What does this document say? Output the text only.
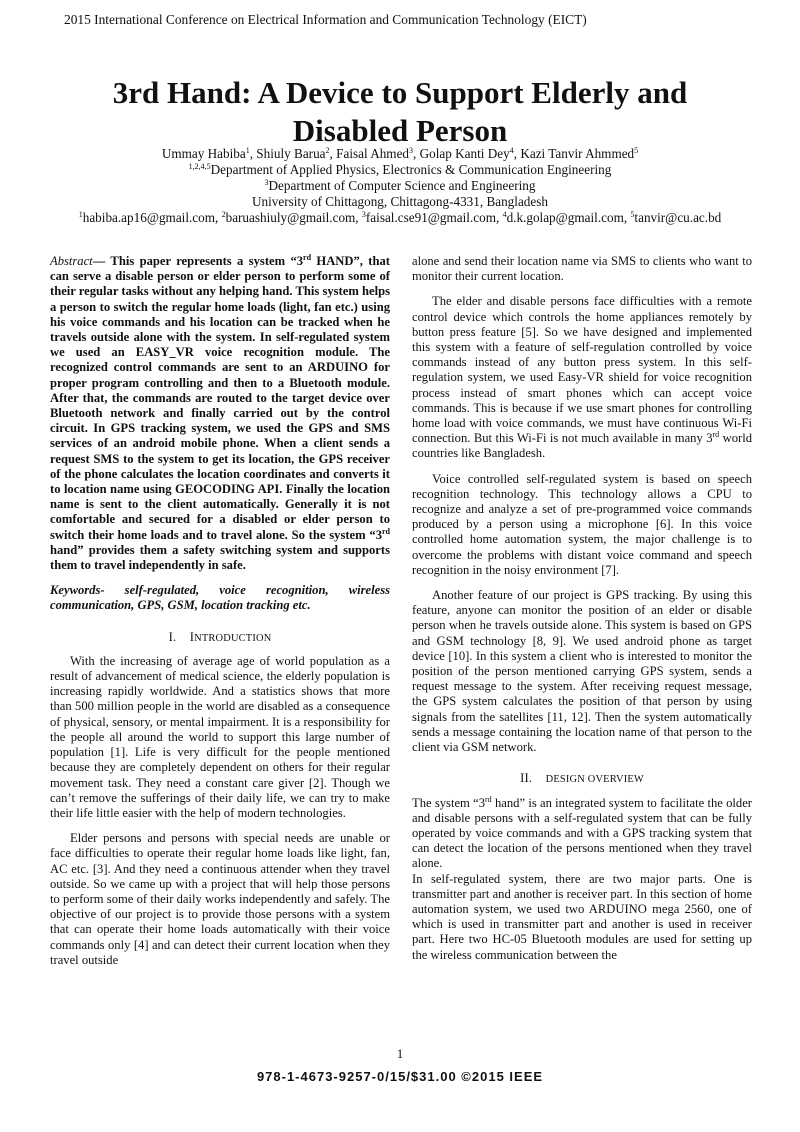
2015 International Conference on Electrical Information and Communication Technology (EICT)
3rd Hand: A Device to Support Elderly and
Disabled Person
Ummay Habiba$^1$, Shiuly Barua$^2$, Faisal Ahmed$^3$, Golap Kanti Dey$^4$, Kazi Tanvir Ahmmed$^5$
$^{1,2,4,5}$Department of Applied Physics, Electronics & Communication Engineering
$^3$Department of Computer Science and Engineering
University of Chittagong, Chittagong-4331, Bangladesh
$^1$habiba.ap16@gmail.com, $^2$baruashiuly@gmail.com, $^3$faisal.cse91@gmail.com, $^4$d.k.golap@gmail.com, $^5$tanvir@cu.ac.bd

Abstract— This paper represents a system “3rd HAND”, that can serve a disable person or elder person to perform some of their regular tasks without any helping hand. This system helps a person to switch the regular home loads (light, fan etc.) using his voice commands and his location can be tracked when he travels outside alone with the system. In self-regulated system we used an EASY_VR voice recognition module. The recognized control commands are sent to an ARDUINO for proper program controlling and then to a Bluetooth module. After that, the commands are routed to the target device over Bluetooth network and finally carried out by the control circuit. In GPS tracking system, we used the GPS and SMS services of an android mobile phone. When a client sends a request SMS to the system to get its location, the GPS receiver of the phone calculates the location coordinates and converts it to location name using GEOCODING API. Finally the location name is sent to the client automatically. Generally it is not comfortable and secured for a disabled or elder person to switch their home loads and to travel alone. So the system “3rd hand” provides them a safety switching system and supports them to travel independently in safe.

Keywords- self-regulated, voice recognition, wireless communication, GPS, GSM, location tracking etc.

I. INTRODUCTION

With the increasing of average age of world population as a result of advancement of medical science, the elderly population is increasing rapidly worldwide. And a statistics shows that more than 500 million people in the world are disabled as a consequence of physical, sensory, or mental impairment. It is a responsibility for the people all around the world to support this large number of population [1]. Life is very difficult for the people mentioned because they are completely dependent on others for their regular movement task. They need a constant care giver [2]. Though we can’t remove the sufferings of their daily life, we can try to make their life little easier with the help of modern technologies.

Elder persons and persons with special needs are unable or face difficulties to operate their regular home loads like light, fan, AC etc. [3]. And they need a continuous attender when they travel outside. So we came up with a project that will help those persons to perform some of their daily works independently and safely. The objective of our project is to provide those persons with a system that can operate their home loads automatically with their voice commands only [4] and can detect their current location when they travel outside

alone and send their location name via SMS to clients who want to monitor their current location.

The elder and disable persons face difficulties with a remote control device which controls the home appliances remotely by button press feature [5]. So we have designed and implemented this system with a feature of self-regulation controlled by voice commands instead of any button press system. In this self-regulation system, we used Easy-VR shield for voice recognition process instead of smart phones which can accept voice commands. This is because if we use smart phones for controlling home load with voice commands, we must have continuous Wi-Fi connection. But this Wi-Fi is not much available in many 3rd world countries like Bangladesh.

Voice controlled self-regulated system is based on speech recognition technology. This technology allows a CPU to recognize and analyze a set of pre-programmed voice commands produced by a person using a microphone [6]. In this voice controlled home automation system, the major challenge is to overcome the problems with distant voice command and speech recognition in the noisy environment [7].

Another feature of our project is GPS tracking. By using this feature, anyone can monitor the position of an elder or disable person when he travels outside alone. This system is based on GPS and GSM technology [8, 9]. We used android phone as target device [10]. In this system a client who is interested to monitor the position of the person mentioned carrying GPS system, sends a request message to the system. After receiving request message, the GPS system calculates the position of that person by using signals from the satellites [11, 12]. Then the system automatically sends a message containing the location name of that person to the client via GSM network.

II. DESIGN OVERVIEW

The system “3rd hand” is an integrated system to facilitate the older and disable persons with a self-regulated system that can be fully operated by voice commands and with a GPS tracking system that can detect the location of the persons mentioned when they travel alone.

In self-regulated system, there are two major parts. One is transmitter part and another is receiver part. In this section of home automation system, we used two ARDUINO mega 2560, one of which is used in transmitter part and another is used in receiver part. Here two HC-05 Bluetooth modules are used for setting up the wireless communication between the

1
978-1-4673-9257-0/15/$31.00 ©2015 IEEE
